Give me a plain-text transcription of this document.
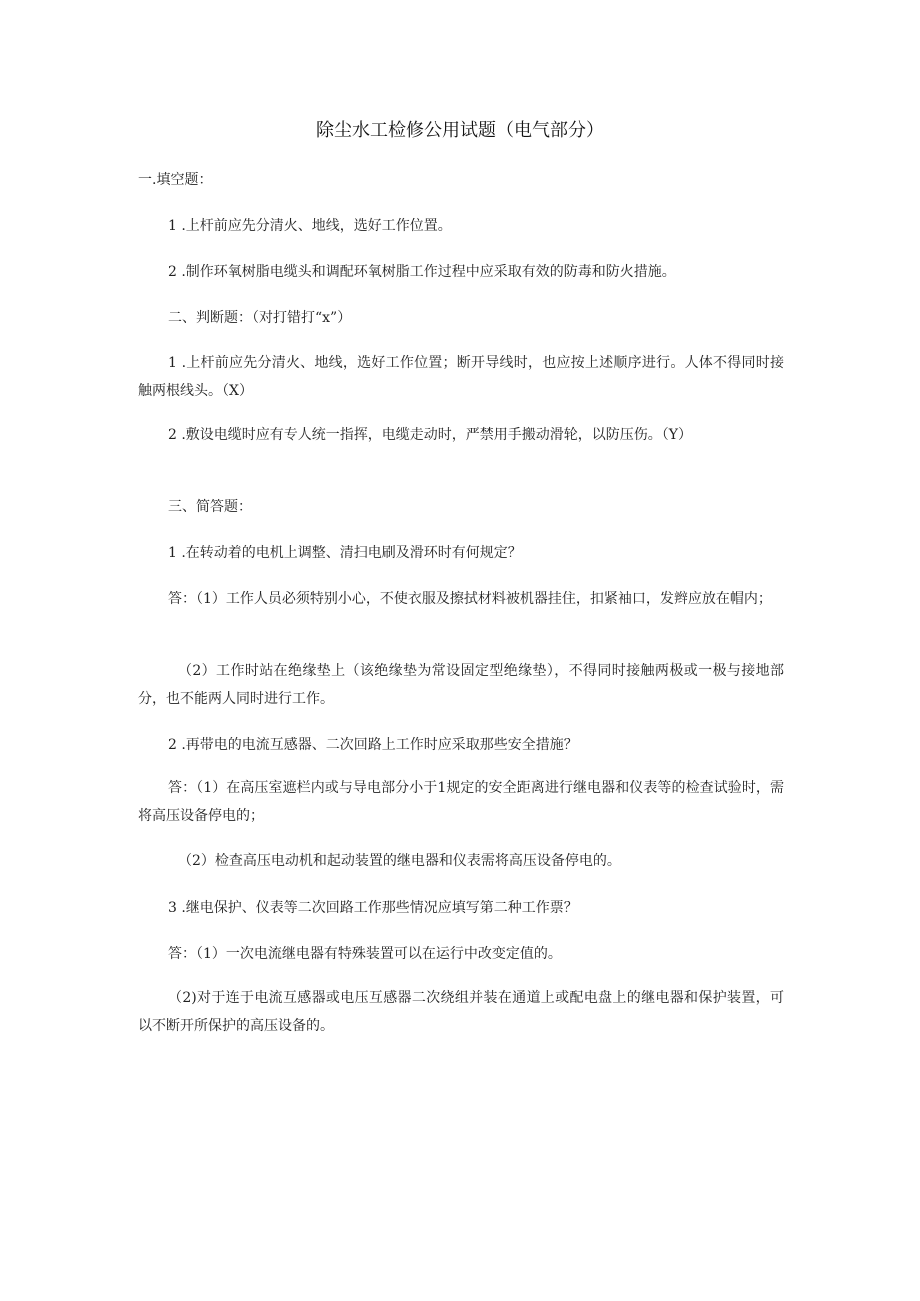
除尘水工检修公用试题（电气部分）
一.填空题：
1 .上杆前应先分清火、地线，选好工作位置。
2 .制作环氧树脂电缆头和调配环氧树脂工作过程中应采取有效的防毒和防火措施。
二、判断题：（对打错打“x”）
1 .上杆前应先分清火、地线，选好工作位置；断开导线时，也应按上述顺序进行。人体不得同时接触两根线头。（X）
2 .敷设电缆时应有专人统一指挥，电缆走动时，严禁用手搬动滑轮，以防压伤。（Y）
三、简答题：
1 .在转动着的电机上调整、清扫电刷及滑环时有何规定？
答：（1）工作人员必须特别小心，不使衣服及擦拭材料被机器挂住，扣紧袖口，发辫应放在帽内；
（2）工作时站在绝缘垫上（该绝缘垫为常设固定型绝缘垫），不得同时接触两极或一极与接地部分，也不能两人同时进行工作。
2 .再带电的电流互感器、二次回路上工作时应采取那些安全措施？
答：（1）在高压室遮栏内或与导电部分小于1规定的安全距离进行继电器和仪表等的检查试验时，需将高压设备停电的；
（2）检查高压电动机和起动装置的继电器和仪表需将高压设备停电的。
3 .继电保护、仪表等二次回路工作那些情况应填写第二种工作票？
答：（1）一次电流继电器有特殊装置可以在运行中改变定值的。
（2)对于连于电流互感器或电压互感器二次绕组并装在通道上或配电盘上的继电器和保护装置，可以不断开所保护的高压设备的。
